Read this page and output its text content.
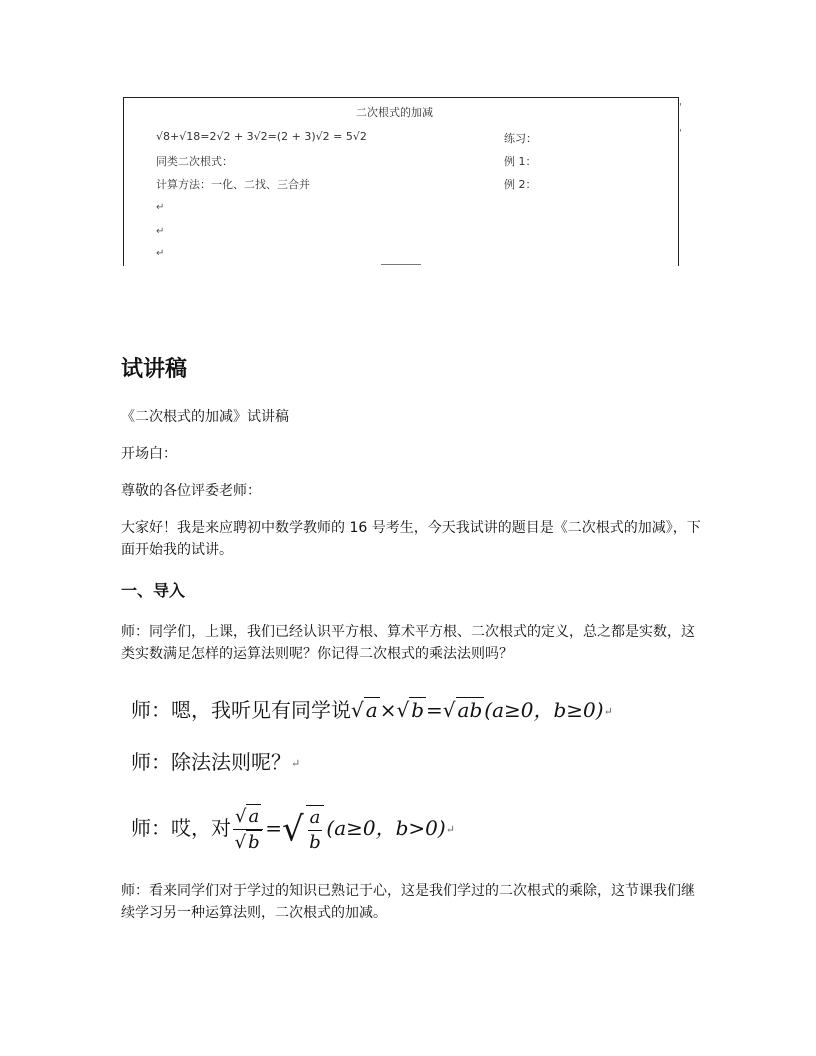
二次根式的加减
√8+√18=2√2 + 3√2=(2 + 3)√2 = 5√2	练习：
同类二次根式：	例 1：
计算方法：一化、二找、三合并	例 2：
↵
↵
↵
'
'
试讲稿
《二次根式的加减》试讲稿
开场白：
尊敬的各位评委老师：
大家好！我是来应聘初中数学教师的 16 号考生，今天我试讲的题目是《二次根式的加减》，下面开始我的试讲。
一、导入
师：同学们，上课，我们已经认识平方根、算术平方根、二次根式的定义，总之都是实数，这类实数满足怎样的运算法则呢？你记得二次根式的乘法法则吗？
师：嗯，我听见有同学说√ a ×√ b =√ ab (a≥0，b≥0)↵
师：除法法则呢？↵
师：哎，对 $\frac{√ a}{√ b}$ =√ $\frac{a}{b} (a\ge 0$，b>0)↵
师：看来同学们对于学过的知识已熟记于心，这是我们学过的二次根式的乘除，这节课我们继续学习另一种运算法则，二次根式的加减。
